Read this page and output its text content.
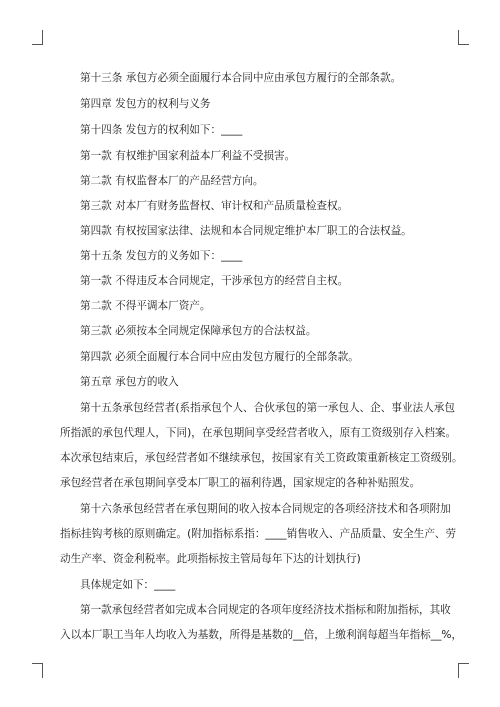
第十三条 承包方必须全面履行本合同中应由承包方履行的全部条款。
第四章 发包方的权利与义务
第十四条 发包方的权利如下：____
第一款 有权维护国家利益本厂利益不受损害。
第二款 有权监督本厂的产品经营方向。
第三款 对本厂有财务监督权、审计权和产品质量检查权。
第四款 有权按国家法律、法规和本合同规定维护本厂职工的合法权益。
第十五条 发包方的义务如下：____
第一款 不得违反本合同规定，干涉承包方的经营自主权。
第二款 不得平调本厂资产。
第三款 必须按本全同规定保障承包方的合法权益。
第四款 必须全面履行本合同中应由发包方履行的全部条款。
第五章 承包方的收入
第十五条承包经营者(系指承包个人、合伙承包的第一承包人、企、事业法人承包
所指派的承包代理人，下同)，在承包期间享受经营者收入，原有工资级别存入档案。
本次承包结束后，承包经营者如不继续承包，按国家有关工资政策重新核定工资级别。
承包经营者在承包期间享受本厂职工的福利待遇，国家规定的各种补贴照发。
第十六条承包经营者在承包期间的收入按本合同规定的各项经济技术和各项附加
指标挂钩考核的原则确定。(附加指标系指：____销售收入、产品质量、安全生产、劳
动生产率、资金利税率。此项指标按主管局每年下达的计划执行)
具体规定如下：____
第一款承包经营者如完成本合同规定的各项年度经济技术指标和附加指标，其收
入以本厂职工当年人均收入为基数，所得是基数的__倍，上缴利润每超当年指标__%，
